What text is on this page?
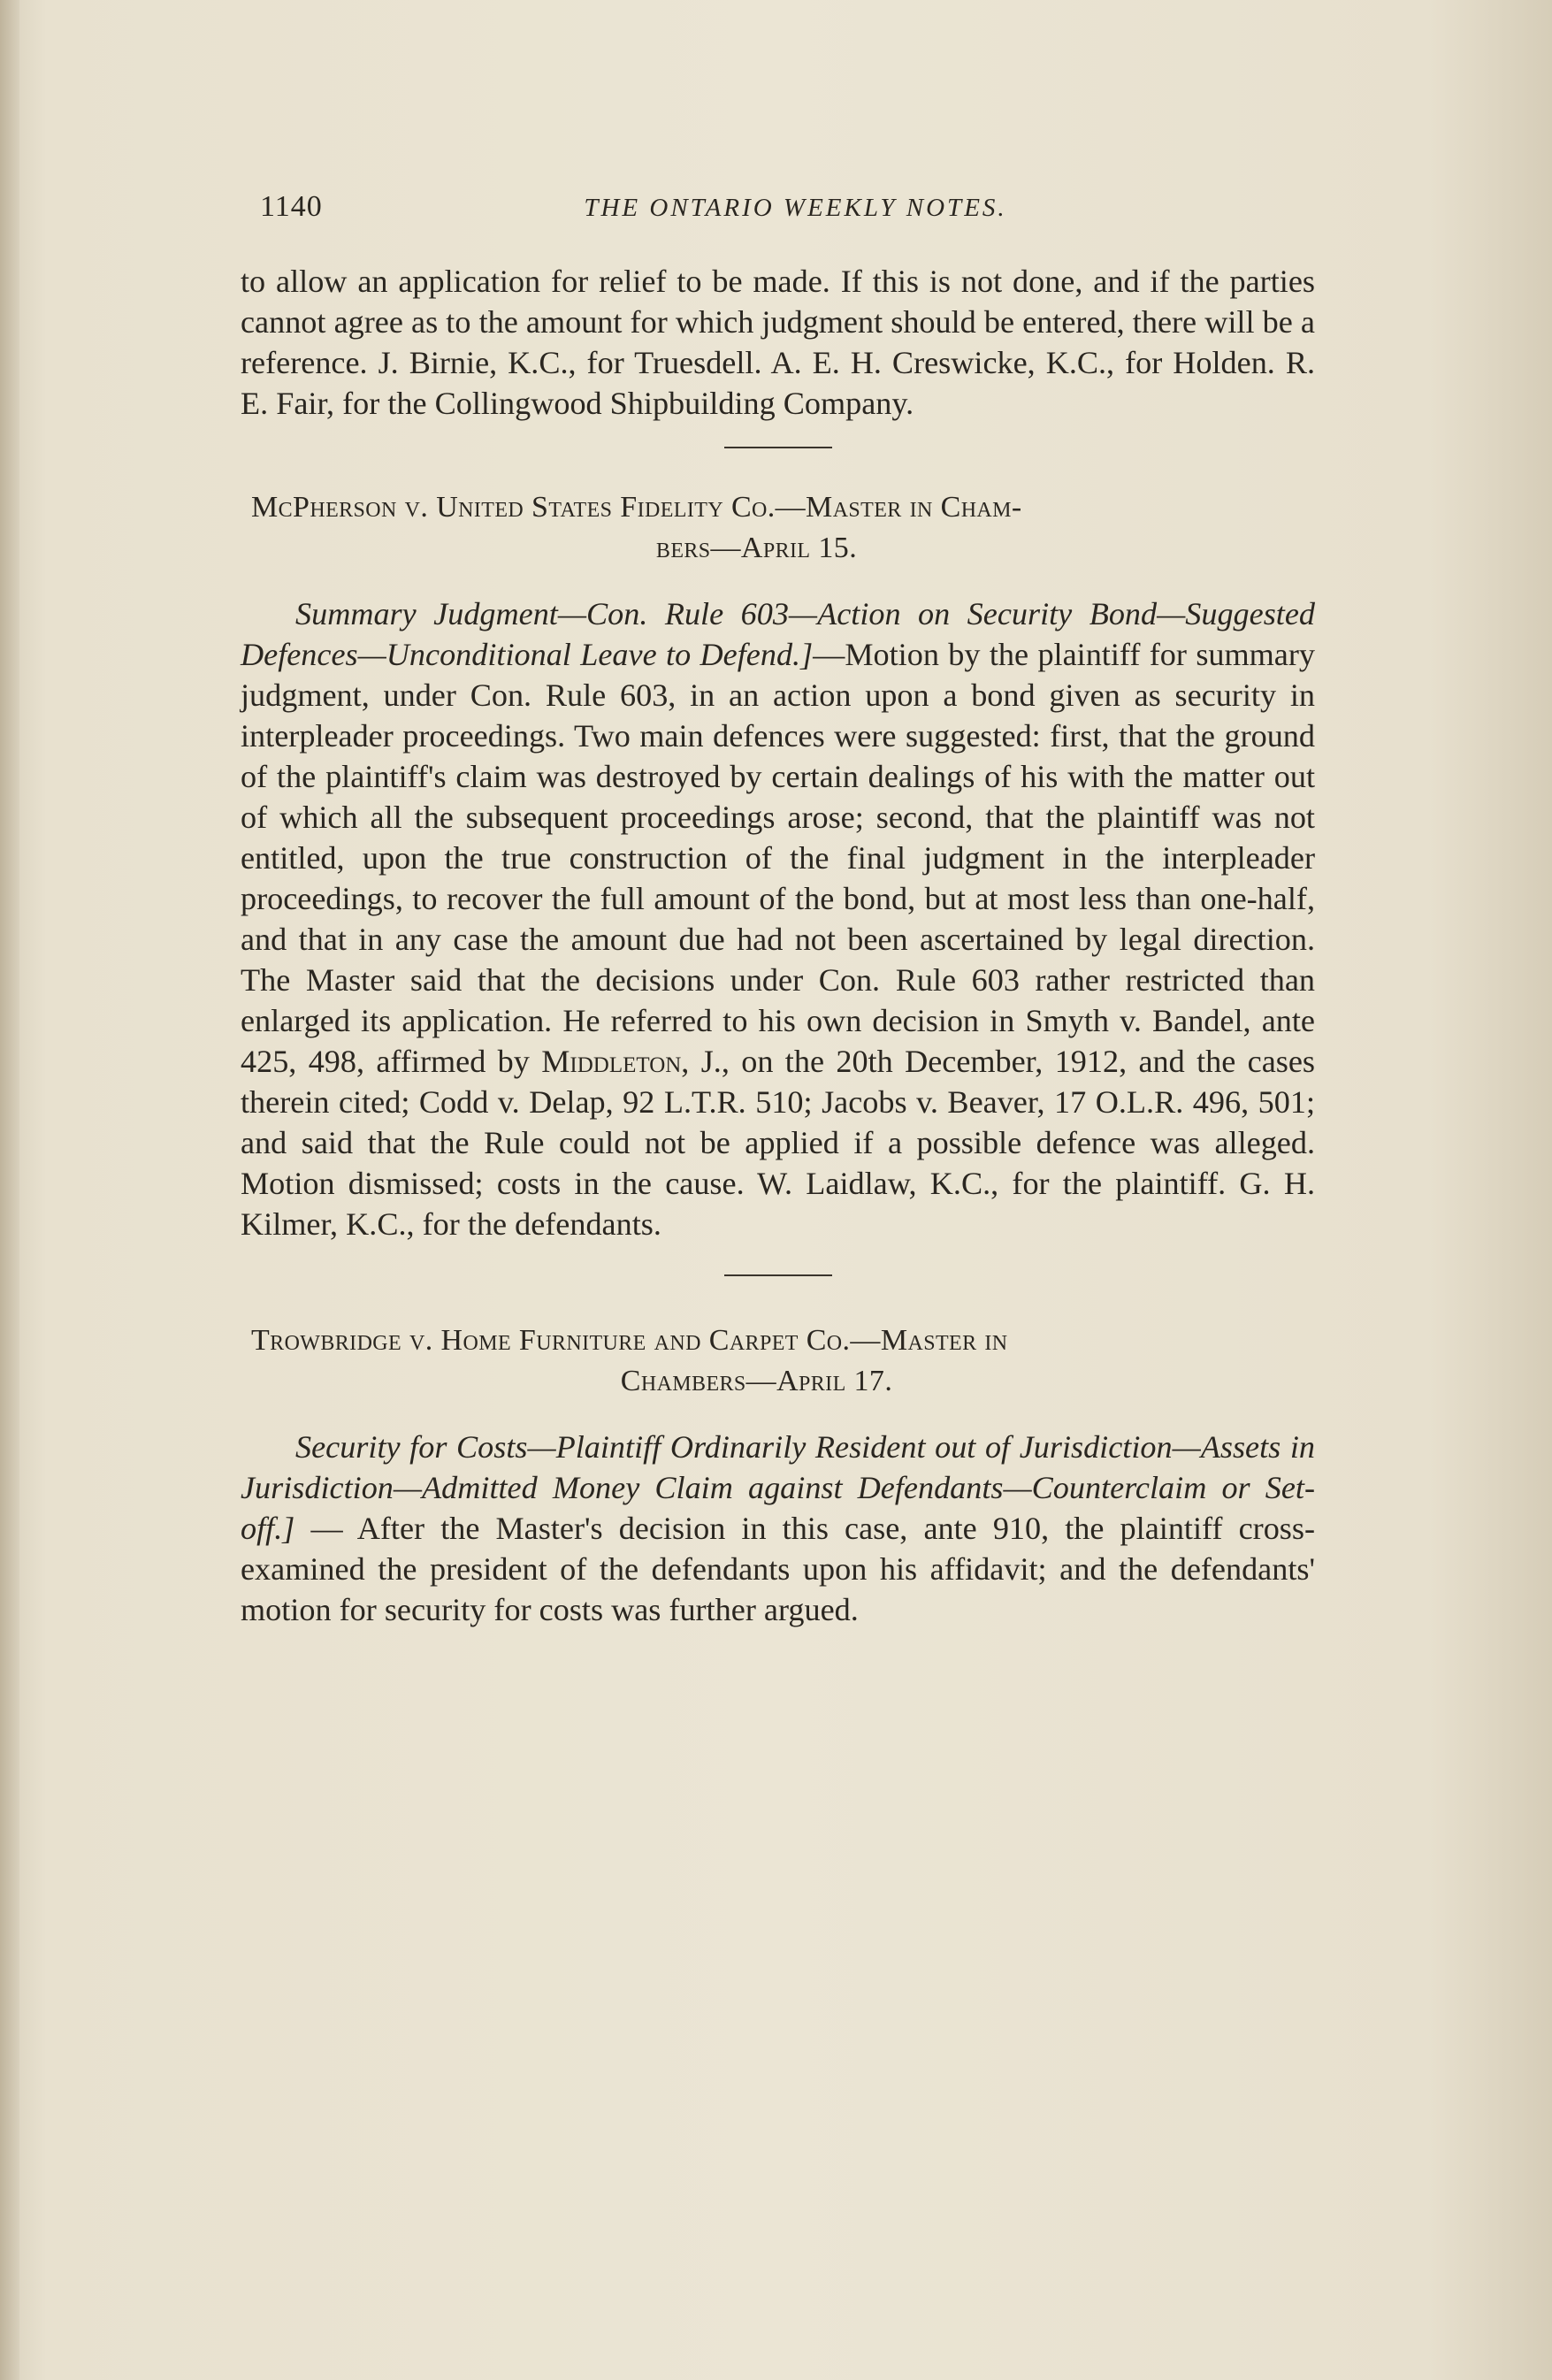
1140	THE ONTARIO WEEKLY NOTES.

to allow an application for relief to be made. If this is not done, and if the parties cannot agree as to the amount for which judgment should be entered, there will be a reference. J. Birnie, K.C., for Truesdell. A. E. H. Creswicke, K.C., for Holden. R. E. Fair, for the Collingwood Shipbuilding Company.

McPherson v. United States Fidelity Co.—Master in Cham-
bers—April 15.

Summary Judgment—Con. Rule 603—Action on Security Bond—Suggested Defences—Unconditional Leave to Defend.]—Motion by the plaintiff for summary judgment, under Con. Rule 603, in an action upon a bond given as security in interpleader proceedings. Two main defences were suggested: first, that the ground of the plaintiff's claim was destroyed by certain dealings of his with the matter out of which all the subsequent proceedings arose; second, that the plaintiff was not entitled, upon the true construction of the final judgment in the interpleader proceedings, to recover the full amount of the bond, but at most less than one-half, and that in any case the amount due had not been ascertained by legal direction. The Master said that the decisions under Con. Rule 603 rather restricted than enlarged its application. He referred to his own decision in Smyth v. Bandel, ante 425, 498, affirmed by Middleton, J., on the 20th December, 1912, and the cases therein cited; Codd v. Delap, 92 L.T.R. 510; Jacobs v. Beaver, 17 O.L.R. 496, 501; and said that the Rule could not be applied if a possible defence was alleged. Motion dismissed; costs in the cause. W. Laidlaw, K.C., for the plaintiff. G. H. Kilmer, K.C., for the defendants.

Trowbridge v. Home Furniture and Carpet Co.—Master in
Chambers—April 17.

Security for Costs—Plaintiff Ordinarily Resident out of Jurisdiction—Assets in Jurisdiction—Admitted Money Claim against Defendants—Counterclaim or Set-off.] — After the Master's decision in this case, ante 910, the plaintiff cross-examined the president of the defendants upon his affidavit; and the defendants' motion for security for costs was further argued.
